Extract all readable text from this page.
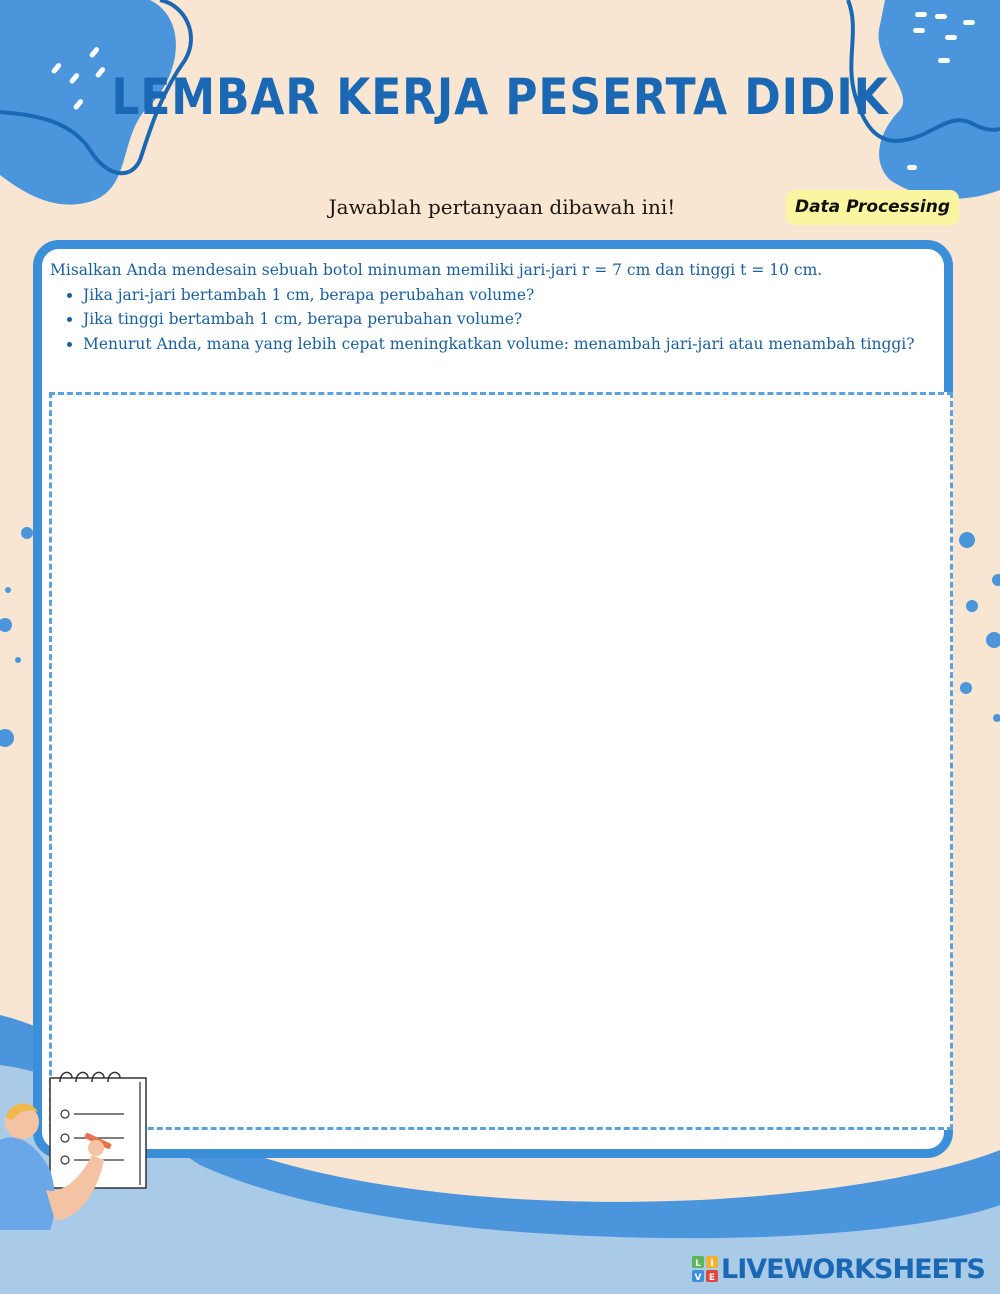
LEMBAR KERJA PESERTA DIDIK
Jawablah pertanyaan dibawah ini!	Data Processing

Misalkan Anda mendesain sebuah botol minuman memiliki jari-jari r = 7 cm dan tinggi t = 10 cm.

• Jika jari-jari bertambah 1 cm, berapa perubahan volume?
• Jika tinggi bertambah 1 cm, berapa perubahan volume?
• Menurut Anda, mana yang lebih cepat meningkatkan volume: menambah jari-jari atau menambah tinggi?
L I
V E LIVEWORKSHEETS
